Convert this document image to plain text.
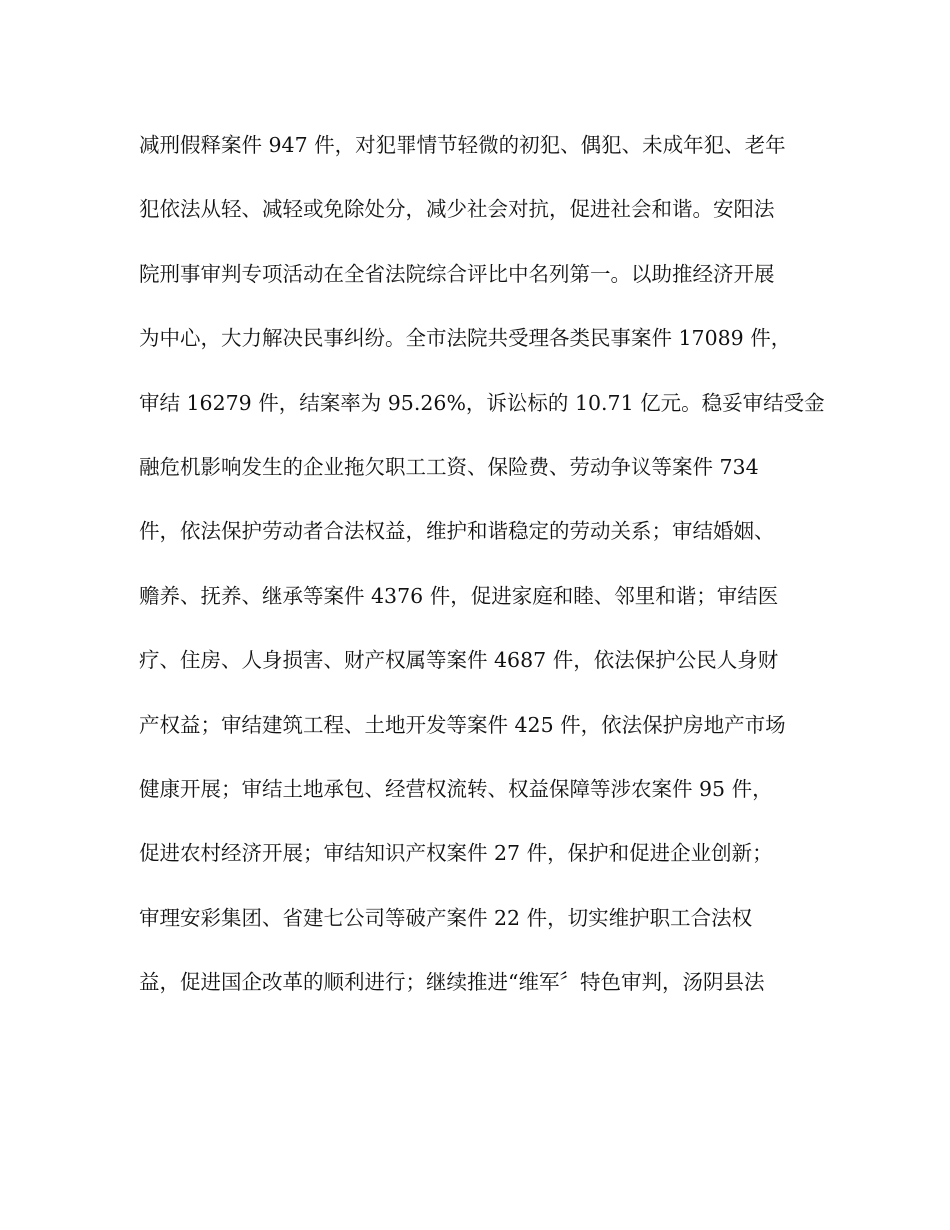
减刑假释案件 947 件，对犯罪情节轻微的初犯、偶犯、未成年犯、老年
犯依法从轻、减轻或免除处分，减少社会对抗，促进社会和谐。安阳法
院刑事审判专项活动在全省法院综合评比中名列第一。以助推经济开展
为中心，大力解决民事纠纷。全市法院共受理各类民事案件 17089 件，
审结 16279 件，结案率为 95.26%，诉讼标的 10.71 亿元。稳妥审结受金
融危机影响发生的企业拖欠职工工资、保险费、劳动争议等案件 734
件，依法保护劳动者合法权益，维护和谐稳定的劳动关系；审结婚姻、
赡养、抚养、继承等案件 4376 件，促进家庭和睦、邻里和谐；审结医
疗、住房、人身损害、财产权属等案件 4687 件，依法保护公民人身财
产权益；审结建筑工程、土地开发等案件 425 件，依法保护房地产市场
健康开展；审结土地承包、经营权流转、权益保障等涉农案件 95 件，
促进农村经济开展；审结知识产权案件 27 件，保护和促进企业创新；
审理安彩集团、省建七公司等破产案件 22 件，切实维护职工合法权
益，促进国企改革的顺利进行；继续推进“维军〞特色审判，汤阴县法
